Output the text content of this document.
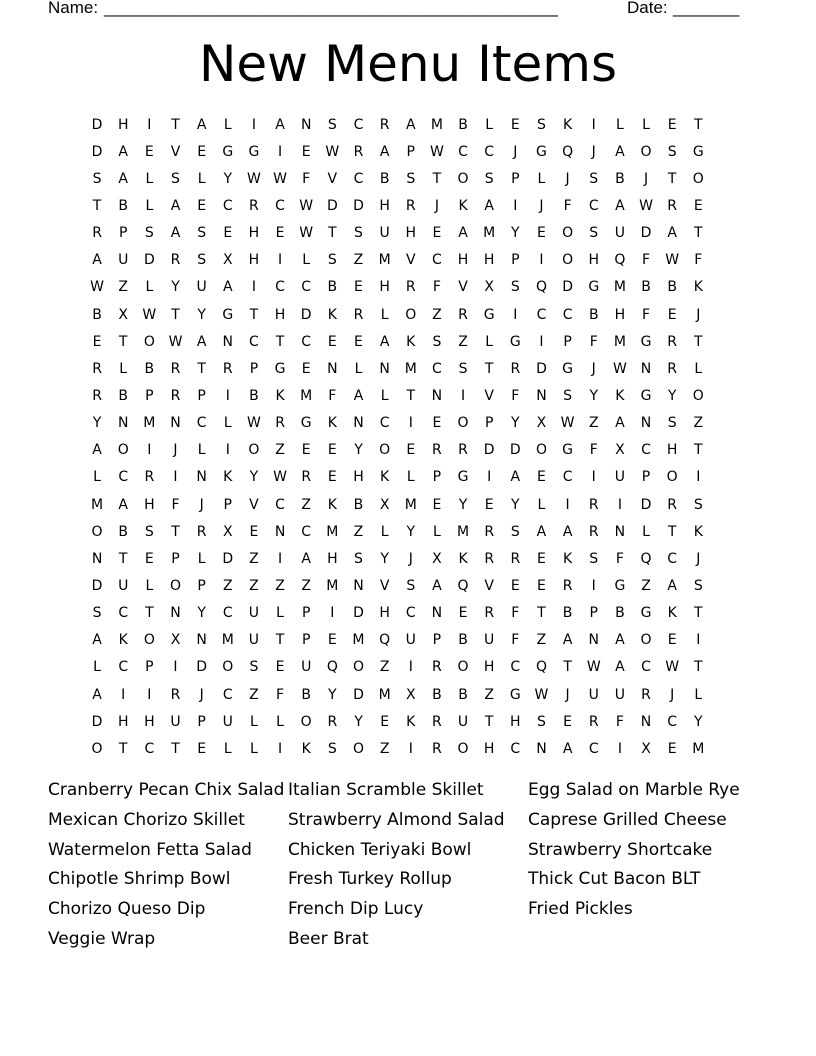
Name: ________________________________________________	Date: _______
New Menu Items
D	H	I	T	A	L	I	A	N	S	C	R	A	M	B	L	E	S	K	I	L	L	E	T
D	A	E	V	E	G	G	I	E	W	R	A	P	W	C	C	J	G	Q	J	A	O	S	G
S	A	L	S	L	Y	W W	F	V	C	B	S	T	O	S	P	L	J	S	B	J	T	O
T	B	L	A	E	C	R	C	W D	D	H	R	J	K	A	I	J	F	C	A	W	R	E
R	P	S	A	S	E	H	E	W	T	S	U	H	E	A	M	Y	E	O	S	U	D	A	T
A	U	D	R	S	X	H	I	L	S	Z	M	V	C	H	H	P	I	O	H	Q	F	W	F
W	Z	L	Y	U	A	I	C	C	B	E	H	R	F	V	X	S	Q	D	G	M	B	B	K
B	X	W	T	Y	G	T	H	D	K	R	L	O	Z	R	G	I	C	C	B	H	F	E	J
E	T	O W	A	N	C	T	C	E	E	A	K	S	Z	L	G	I	P	F	M	G	R	T
R	L	B	R	T	R	P	G	E	N	L	N	M	C	S	T	R	D	G	J	W N	R	L
R	B	P	R	P	I	B	K	M	F	A	L	T	N	I	V	F	N	S	Y	K	G	Y	O
Y	N	M	N	C	L	W	R	G	K	N	C	I	E	O	P	Y	X	W	Z	A	N	S	Z
A	O	I	J	L	I	O	Z	E	E	Y	O	E	R	R	D	D	O	G	F	X	C	H	T
L	C	R	I	N	K	Y	W	R	E	H	K	L	P	G	I	A	E	C	I	U	P	O	I
M	A	H	F	J	P	V	C	Z	K	B	X	M	E	Y	E	Y	L	I	R	I	D	R	S
O	B	S	T	R	X	E	N	C	M	Z	L	Y	L	M	R	S	A	A	R	N	L	T	K
N	T	E	P	L	D	Z	I	A	H	S	Y	J	X	K	R	R	E	K	S	F	Q	C	J
D	U	L	O	P	Z	Z	Z	Z	M	N	V	S	A	Q	V	E	E	R	I	G	Z	A	S
S	C	T	N	Y	C	U	L	P	I	D	H	C	N	E	R	F	T	B	P	B	G	K	T
A	K	O	X	N	M	U	T	P	E	M	Q	U	P	B	U	F	Z	A	N	A	O	E	I
L	C	P	I	D	O	S	E	U	Q	O	Z	I	R	O	H	C	Q	T	W	A	C	W	T
A	I	I	R	J	C	Z	F	B	Y	D	M	X	B	B	Z	G W	J	U	U	R	J	L
D	H	H	U	P	U	L	L	O	R	Y	E	K	R	U	T	H	S	E	R	F	N	C	Y
O	T	C	T	E	L	L	I	K	S	O	Z	I	R	O	H	C	N	A	C	I	X	E	M
Cranberry Pecan Chix Salad
Mexican Chorizo Skillet
Watermelon Fetta Salad
Chipotle Shrimp Bowl
Chorizo Queso Dip
Veggie Wrap
Italian Scramble Skillet
Strawberry Almond Salad
Chicken Teriyaki Bowl
Fresh Turkey Rollup
French Dip Lucy
Beer Brat
Egg Salad on Marble Rye
Caprese Grilled Cheese
Strawberry Shortcake
Thick Cut Bacon BLT
Fried Pickles
